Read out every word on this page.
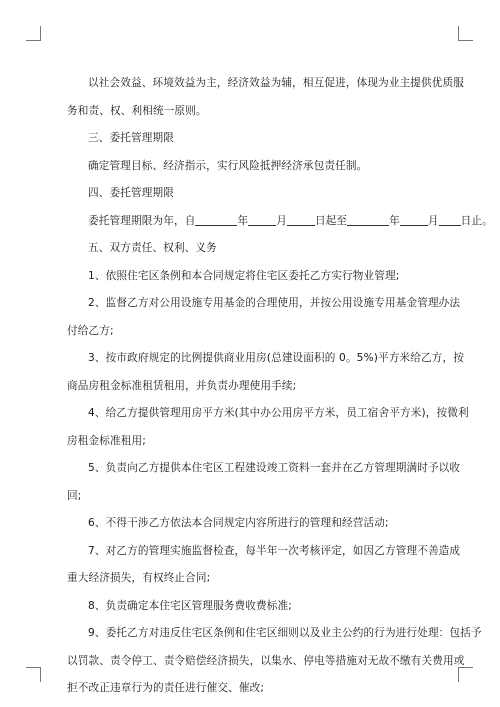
以社会效益、环境效益为主，经济效益为辅，相互促进，体现为业主提供优质服

务和责、权、利相统一原则。

三、委托管理期限

确定管理目标、经济指示，实行风险抵押经济承包责任制。

四、委托管理期限

委托管理期限为年，自	年	月	日起至	年	月 日止。

五、双方责任、权利、义务

1、依照住宅区条例和本合同规定将住宅区委托乙方实行物业管理;

2、监督乙方对公用设施专用基金的合理使用，并按公用设施专用基金管理办法

付给乙方;

3、按市政府规定的比例提供商业用房(总建设面积的 0。5%)平方米给乙方，按

商品房租金标准租赁租用，并负责办理使用手续;

4、给乙方提供管理用房平方米(其中办公用房平方米，员工宿舍平方米)，按微利

房租金标准租用;

5、负责向乙方提供本住宅区工程建设竣工资料一套并在乙方管理期满时予以收

回;

6、不得干涉乙方依法本合同规定内容所进行的管理和经营活动;

7、对乙方的管理实施监督检查，每半年一次考核评定，如因乙方管理不善造成

重大经济损失，有权终止合同;

8、负责确定本住宅区管理服务费收费标准;

9、委托乙方对违反住宅区条例和住宅区细则以及业主公约的行为进行处理：包括予

以罚款、责令停工、责令赔偿经济损失，以集水、停电等措施对无故不缴有关费用或

拒不改正违章行为的责任进行催交、催改;
